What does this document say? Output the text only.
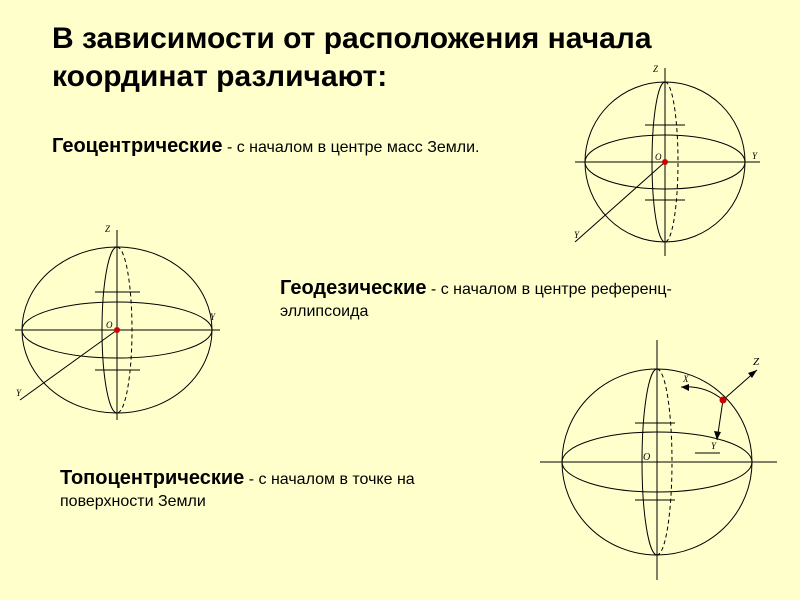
В зависимости от расположения начала координат различают:
Геоцентрические - с началом в центре масс Земли.
Геодезические - с началом в центре референц-эллипсоида
Топоцентрические - с началом в точке на поверхности Земли
Z
Y
Y
O
Z
Y
Y
O
Z
X
Y
O
